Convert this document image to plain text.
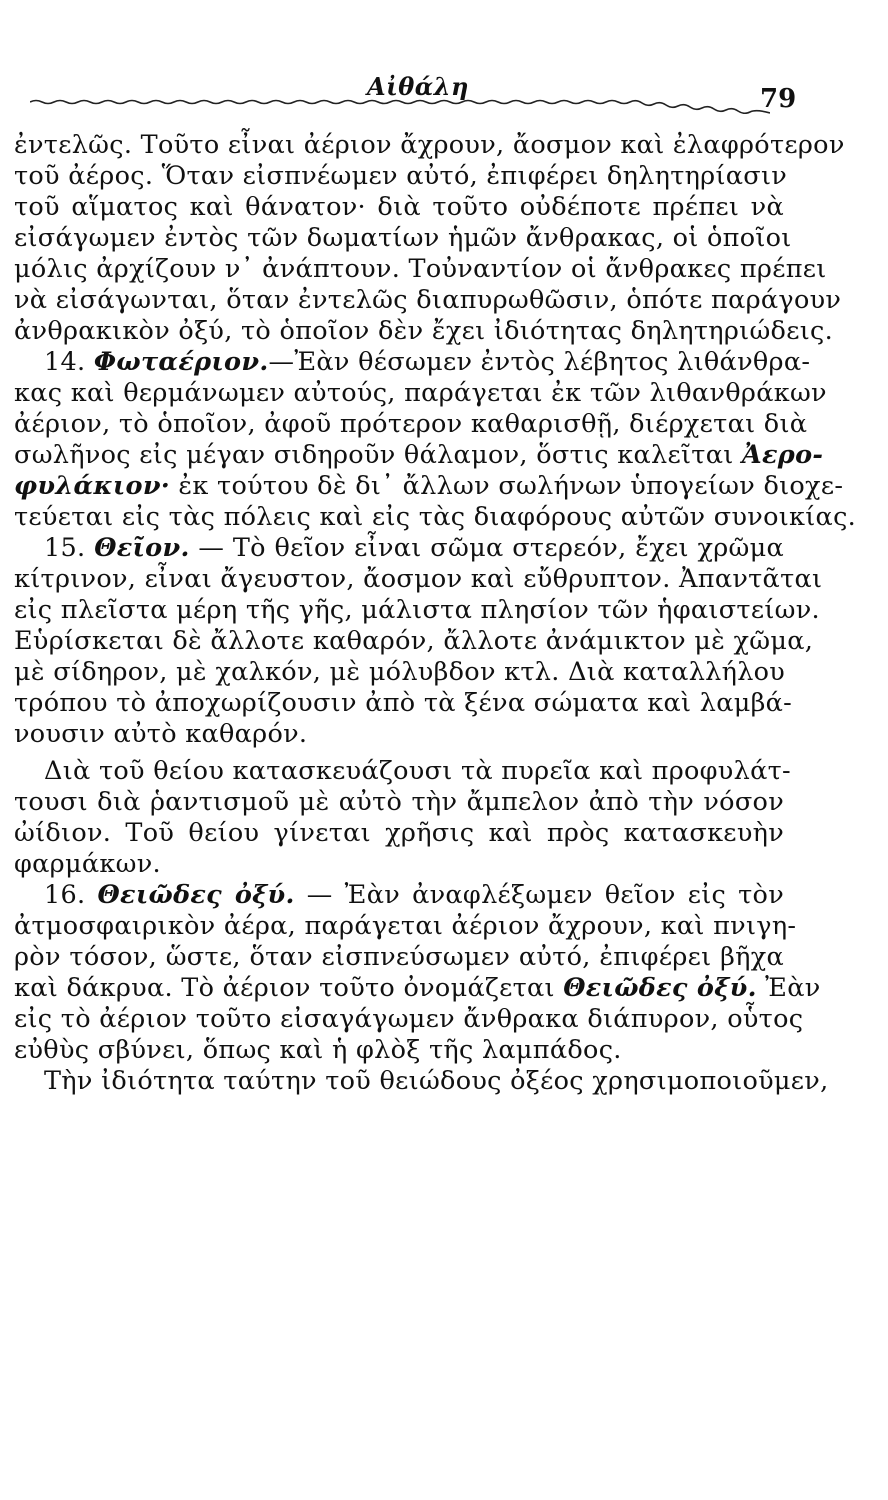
Αἰθάλη	79
ἐντελῶς. Τοῦτο εἶναι ἀέριον ἄχρουν, ἄοσμον καὶ ἐλαφρότερον
τοῦ ἀέρος. Ὅταν εἰσπνέωμεν αὐτό, ἐπιφέρει δηλητηρίασιν
τοῦ αἵματος καὶ θάνατον· διὰ τοῦτο οὐδέποτε πρέπει νὰ
εἰσάγωμεν ἐντὸς τῶν δωματίων ἡμῶν ἄνθρακας, οἱ ὁποῖοι
μόλις ἀρχίζουν ν᾽ ἀνάπτουν. Τοὐναντίον οἱ ἄνθρακες πρέπει
νὰ εἰσάγωνται, ὅταν ἐντελῶς διαπυρωθῶσιν, ὁπότε παράγουν
ἀνθρακικὸν ὀξύ, τὸ ὁποῖον δὲν ἔχει ἰδιότητας δηλητηριώδεις.
14. Φωταέριον.—Ἐὰν θέσωμεν ἐντὸς λέβητος λιθάνθρα-
κας καὶ θερμάνωμεν αὐτούς, παράγεται ἐκ τῶν λιθανθράκων
ἀέριον, τὸ ὁποῖον, ἀφοῦ πρότερον καθαρισθῇ, διέρχεται διὰ
σωλῆνος εἰς μέγαν σιδηροῦν θάλαμον, ὅστις καλεῖται Ἀερο-
φυλάκιον· ἐκ τούτου δὲ δι᾽ ἄλλων σωλήνων ὑπογείων διοχε-
τεύεται εἰς τὰς πόλεις καὶ εἰς τὰς διαφόρους αὐτῶν συνοικίας.
15. Θεῖον. — Τὸ θεῖον εἶναι σῶμα στερεόν, ἔχει χρῶμα
κίτρινον, εἶναι ἄγευστον, ἄοσμον καὶ εὔθρυπτον. Ἀπαντᾶται
εἰς πλεῖστα μέρη τῆς γῆς, μάλιστα πλησίον τῶν ἡφαιστείων.
Εὑρίσκεται δὲ ἄλλοτε καθαρόν, ἄλλοτε ἀνάμικτον μὲ χῶμα,
μὲ σίδηρον, μὲ χαλκόν, μὲ μόλυβδον κτλ. Διὰ καταλλήλου
τρόπου τὸ ἀποχωρίζουσιν ἀπὸ τὰ ξένα σώματα καὶ λαμβά-
νουσιν αὐτὸ καθαρόν.
Διὰ τοῦ θείου κατασκευάζουσι τὰ πυρεῖα καὶ προφυλάτ-
τουσι διὰ ῥαντισμοῦ μὲ αὐτὸ τὴν ἄμπελον ἀπὸ τὴν νόσον
ὠίδιον. Τοῦ θείου γίνεται χρῆσις καὶ πρὸς κατασκευὴν
φαρμάκων.
16. Θειῶδες ὀξύ. — Ἐὰν ἀναφλέξωμεν θεῖον εἰς τὸν
ἀτμοσφαιρικὸν ἀέρα, παράγεται ἀέριον ἄχρουν, καὶ πνιγη-
ρὸν τόσον, ὥστε, ὅταν εἰσπνεύσωμεν αὐτό, ἐπιφέρει βῆχα
καὶ δάκρυα. Τὸ ἀέριον τοῦτο ὀνομάζεται Θειῶδες ὀξύ. Ἐὰν
εἰς τὸ ἀέριον τοῦτο εἰσαγάγωμεν ἄνθρακα διάπυρον, οὗτος
εὐθὺς σβύνει, ὅπως καὶ ἡ φλὸξ τῆς λαμπάδος.
Τὴν ἰδιότητα ταύτην τοῦ θειώδους ὀξέος χρησιμοποιοῦμεν,
